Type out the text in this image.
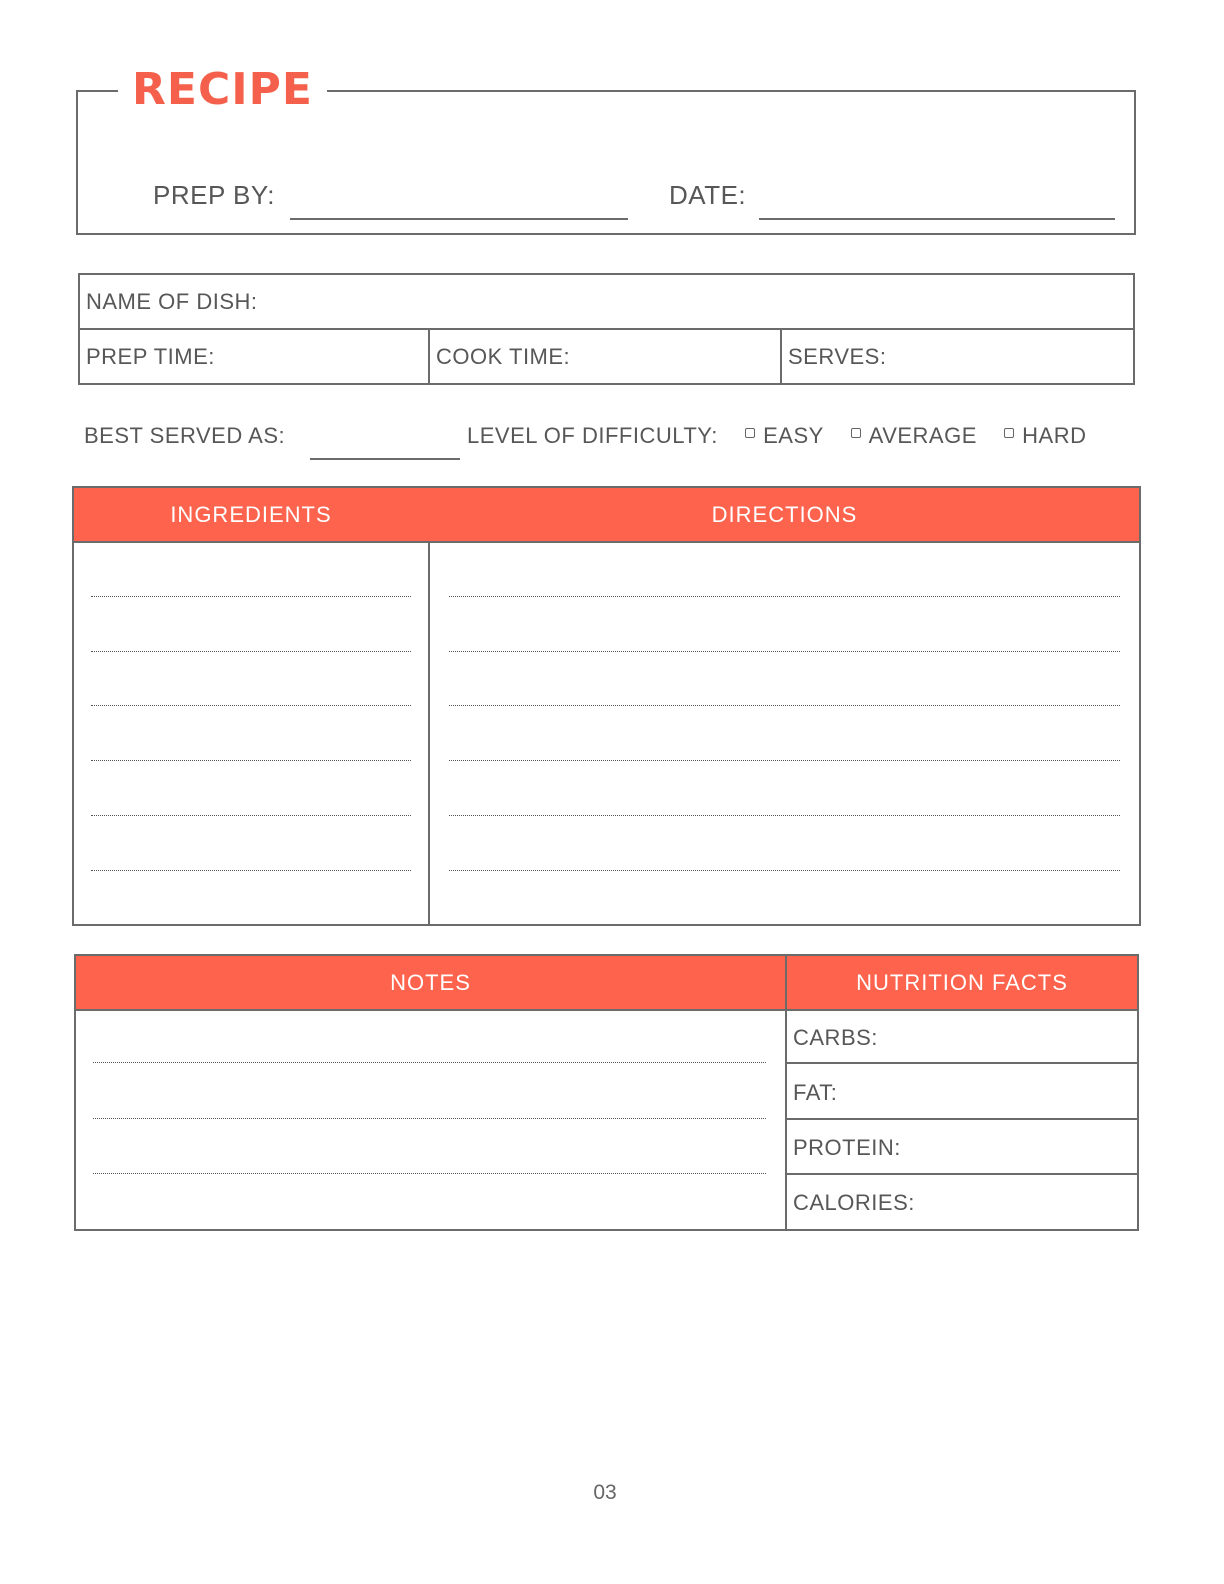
RECIPE
PREP BY:	DATE:
NAME OF DISH:
PREP TIME:	COOK TIME:	SERVES:
BEST SERVED AS:	LEVEL OF DIFFICULTY: EASY AVERAGE HARD
INGREDIENTS	DIRECTIONS
NOTES	NUTRITION FACTS
CARBS:
FAT:
PROTEIN:
CALORIES:
03
